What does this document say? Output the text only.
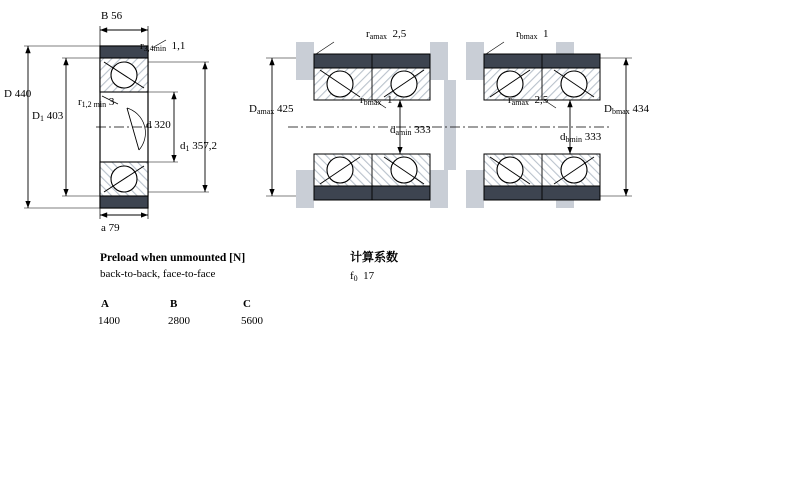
B 56
$r_{3,4min}$ 1,1
D 440
$D_1$ 403
$r_{1,2 min}$ 3
d 320
$d_1$ 357,2
a 79
$r_{amax}$ 2,5	$r_{bmax}$ 1
$D_{amax}$ 425
$r_{bmax}$ 1	$r_{amax}$ 2,5
$D_{bmax}$ 434
$d_{amin}$ 333
$d_{bmin}$ 333
Preload when unmounted [N]
back-to-back, face-to-face
A	B	C
1400	2800	5600
计算系数
$f_0$ 17
